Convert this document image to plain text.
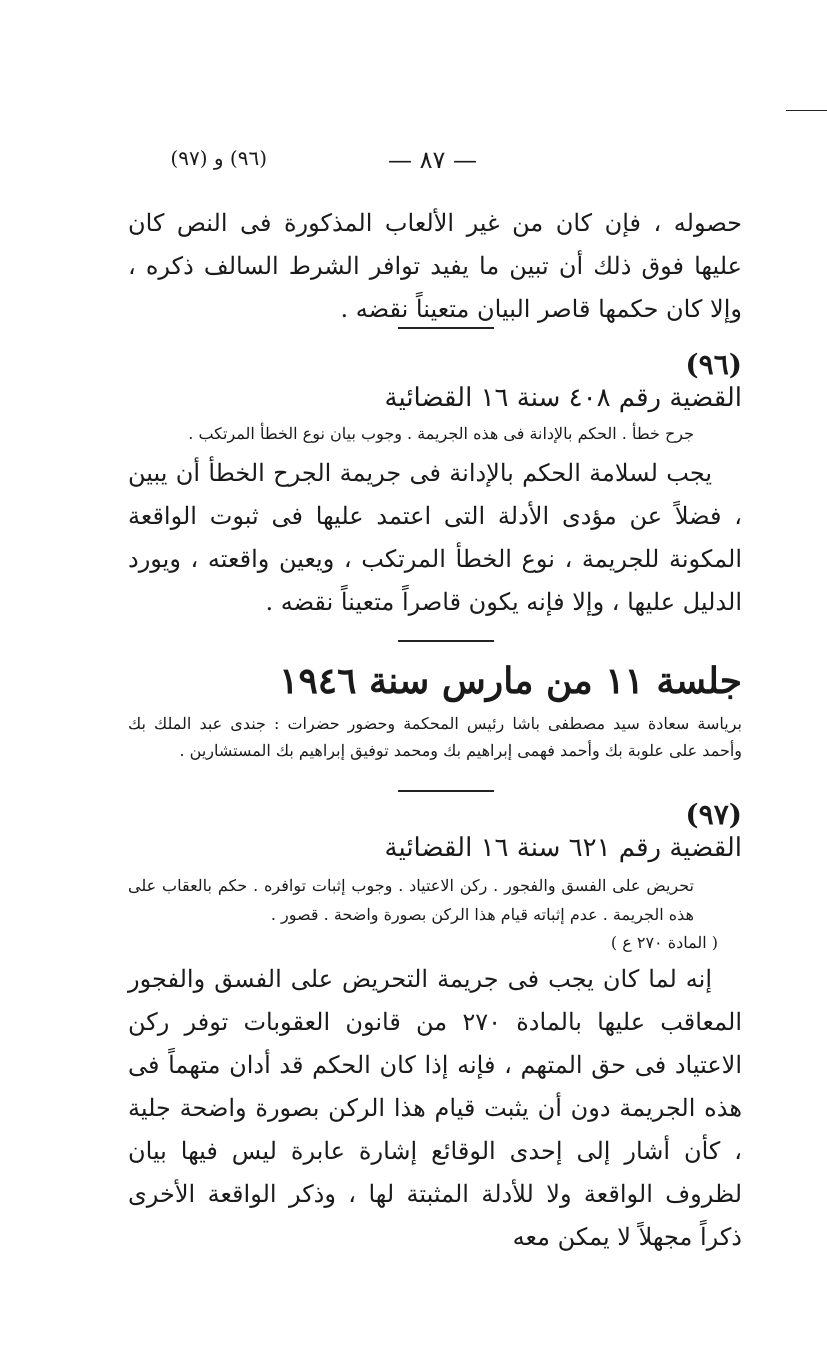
— ٨٧ —
(٩٦) و (٩٧)

حصوله ، فإن كان من غير الألعاب المذكورة فى النص كان عليها فوق ذلك أن تبين ما يفيد توافر الشرط السالف ذكره ، وإلا كان حكمها قاصر البيان متعيناً نقضه .

(٩٦)
القضية رقم ٤٠٨ سنة ١٦ القضائية
جرح خطأ . الحكم بالإدانة فى هذه الجريمة . وجوب بيان نوع الخطأ المرتكب .

يجب لسلامة الحكم بالإدانة فى جريمة الجرح الخطأ أن يبين ، فضلاً عن مؤدى الأدلة التى اعتمد عليها فى ثبوت الواقعة المكونة للجريمة ، نوع الخطأ المرتكب ، ويعين واقعته ، ويورد الدليل عليها ، وإلا فإنه يكون قاصراً متعيناً نقضه .

جلسة ١١ من مارس سنة ١٩٤٦
برياسة سعادة سيد مصطفى باشا رئيس المحكمة وحضور حضرات : جندى عبد الملك بك وأحمد على علوبة بك وأحمد فهمى إبراهيم بك ومحمد توفيق إبراهيم بك المستشارين .
(٩٧)
القضية رقم ٦٢١ سنة ١٦ القضائية
تحريض على الفسق والفجور . ركن الاعتياد . وجوب إثبات توافره . حكم بالعقاب على هذه الجريمة . عدم إثباته قيام هذا الركن بصورة واضحة . قصور .
( المادة ٢٧٠ ع )

إنه لما كان يجب فى جريمة التحريض على الفسق والفجور المعاقب عليها بالمادة ٢٧٠ من قانون العقوبات توفر ركن الاعتياد فى حق المتهم ، فإنه إذا كان الحكم قد أدان متهماً فى هذه الجريمة دون أن يثبت قيام هذا الركن بصورة واضحة جلية ، كأن أشار إلى إحدى الوقائع إشارة عابرة ليس فيها بيان لظروف الواقعة ولا للأدلة المثبتة لها ، وذكر الواقعة الأخرى ذكراً مجهلاً لا يمكن معه
